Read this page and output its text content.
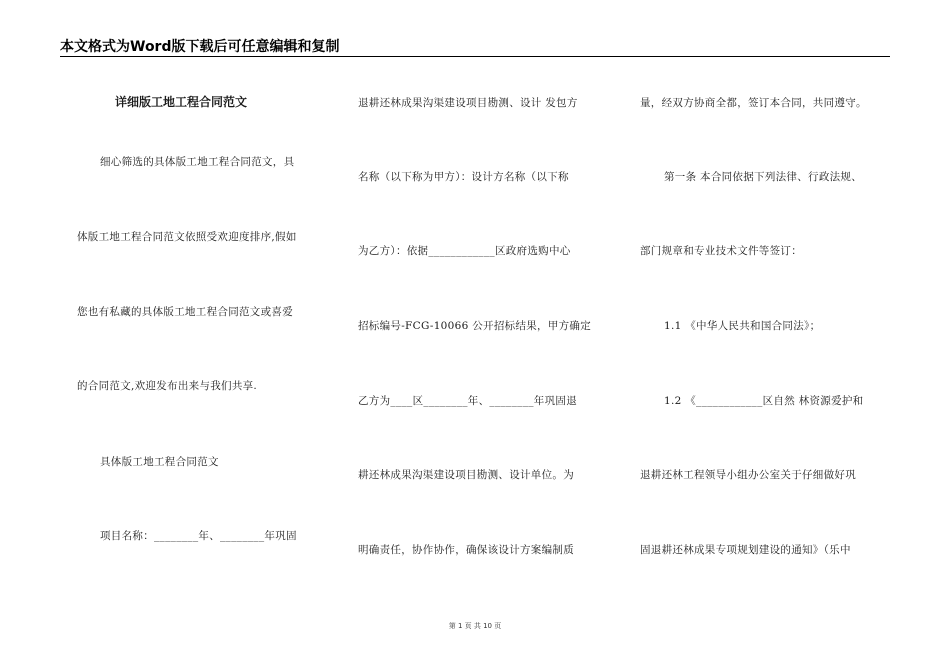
本文格式为Word版下载后可任意编辑和复制
详细版工地工程合同范文
细心筛选的具体版工地工程合同范文，具
体版工地工程合同范文依照受欢迎度排序,假如
您也有私藏的具体版工地工程合同范文或喜爱
的合同范文,欢迎发布出来与我们共享.
具体版工地工程合同范文
项目名称：________年、________年巩固
退耕还林成果沟渠建设项目勘测、设计 发包方
名称（以下称为甲方）：设计方名称（以下称
为乙方）：依据____________区政府选购中心
招标编号-FCG-10066 公开招标结果，甲方确定
乙方为____区________年、________年巩固退
耕还林成果沟渠建设项目勘测、设计单位。为
明确责任，协作协作，确保该设计方案编制质
量，经双方协商全都，签订本合同，共同遵守。
第一条 本合同依据下列法律、行政法规、
部门规章和专业技术文件等签订：
1.1 《中华人民共和国合同法》；
1.2 《____________区自然 林资源爱护和
退耕还林工程领导小组办公室关于仔细做好巩
固退耕还林成果专项规划建设的通知》（乐中
第 1 页 共 10 页
